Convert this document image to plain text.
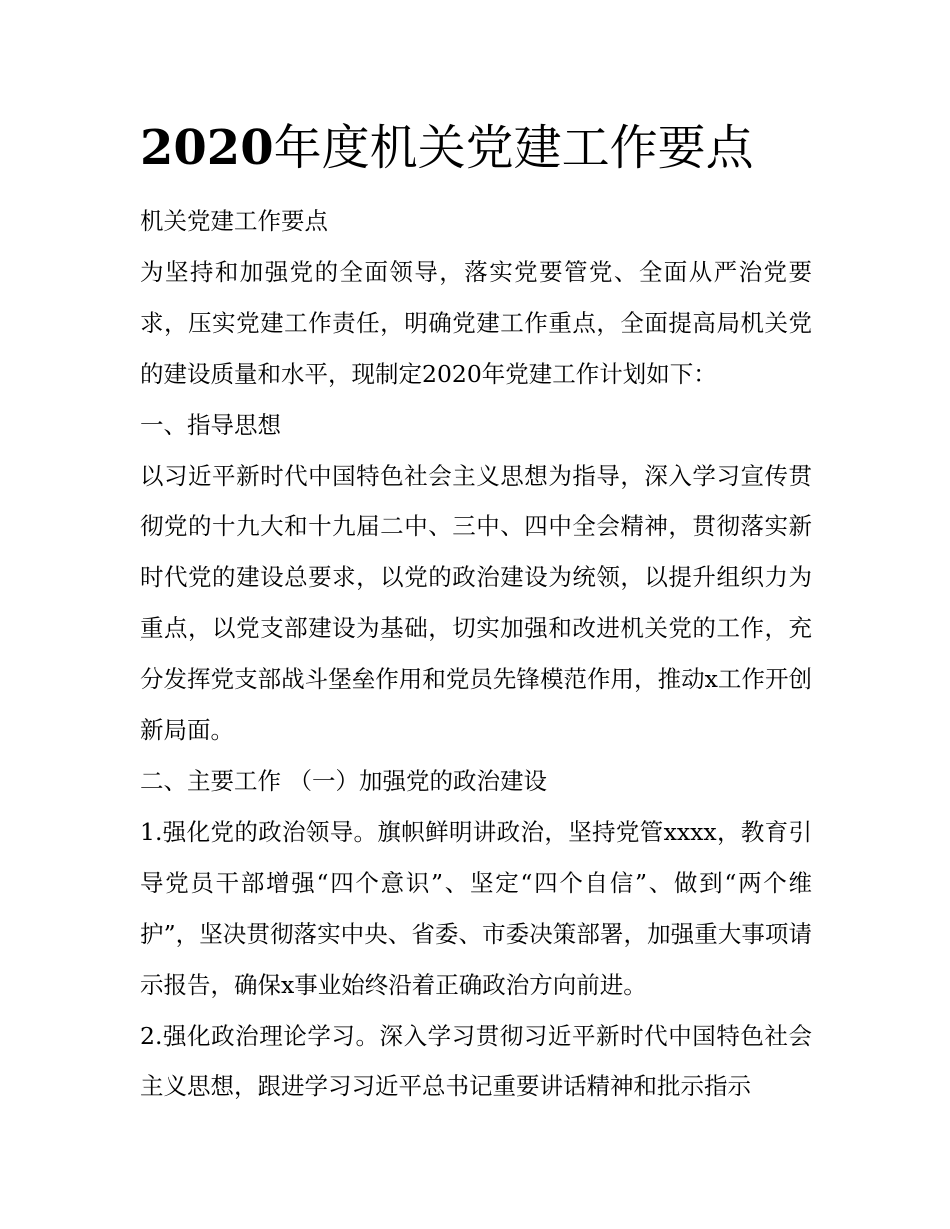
2020年度机关党建工作要点

机关党建工作要点

为坚持和加强党的全面领导，落实党要管党、全面从严治党要求，压实党建工作责任，明确党建工作重点，全面提高局机关党的建设质量和水平，现制定2020年党建工作计划如下：

一、指导思想

以习近平新时代中国特色社会主义思想为指导，深入学习宣传贯彻党的十九大和十九届二中、三中、四中全会精神，贯彻落实新时代党的建设总要求，以党的政治建设为统领，以提升组织力为重点，以党支部建设为基础，切实加强和改进机关党的工作，充分发挥党支部战斗堡垒作用和党员先锋模范作用，推动x工作开创新局面。

二、主要工作 （一）加强党的政治建设

1.强化党的政治领导。旗帜鲜明讲政治，坚持党管xxxx，教育引导党员干部增强“四个意识”、坚定“四个自信”、做到“两个维护”，坚决贯彻落实中央、省委、市委决策部署，加强重大事项请示报告，确保x事业始终沿着正确政治方向前进。

2.强化政治理论学习。深入学习贯彻习近平新时代中国特色社会主义思想，跟进学习习近平总书记重要讲话精神和批示指示
